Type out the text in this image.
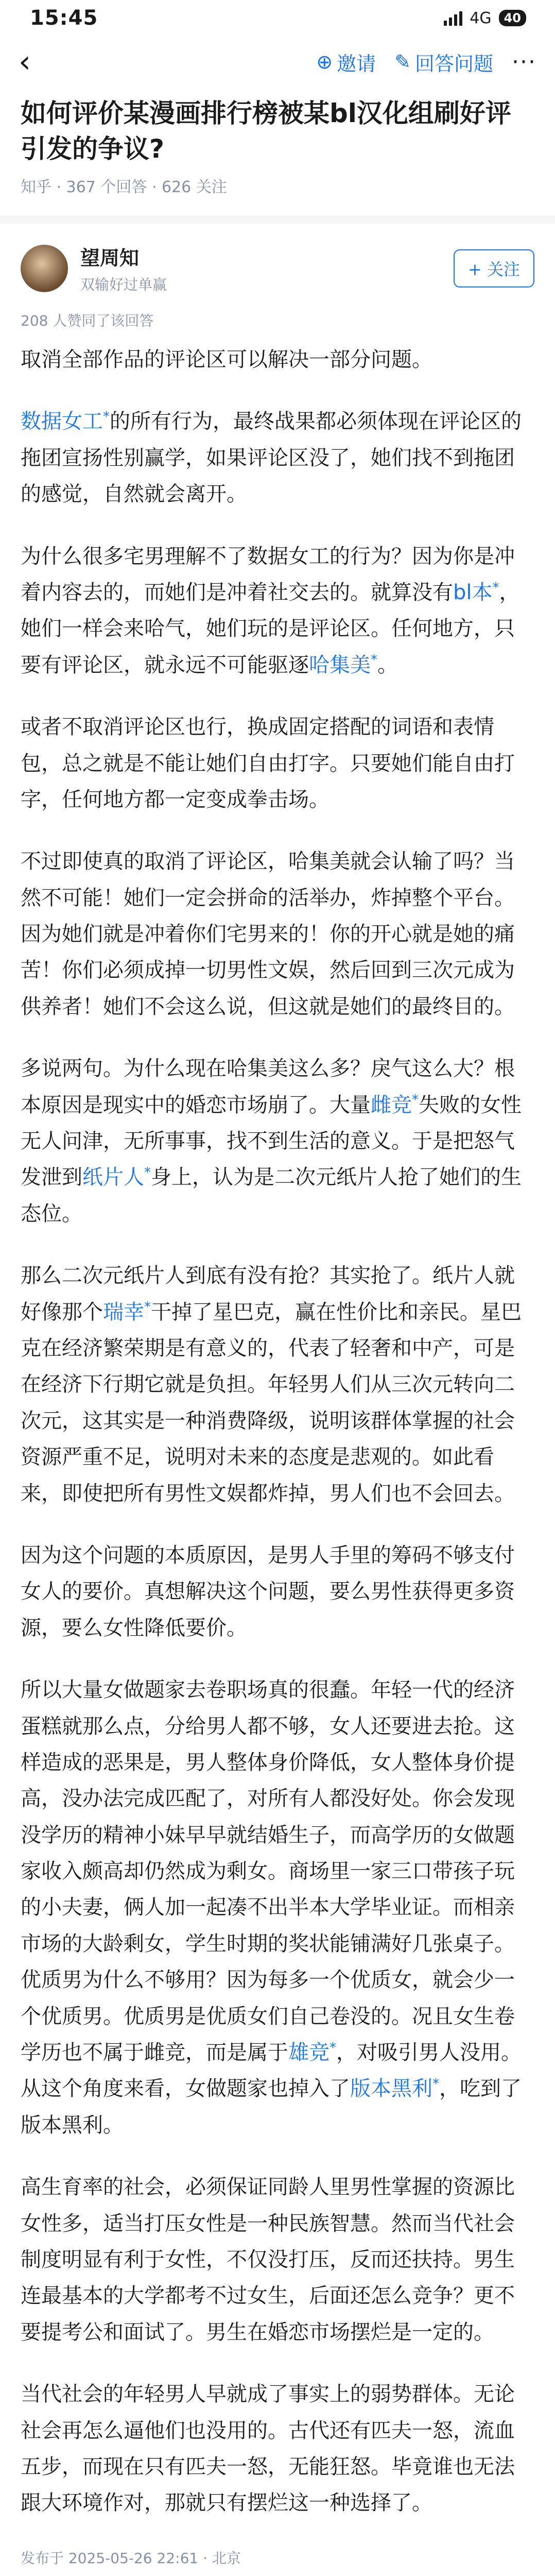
15:45	4G	40
‹	⊕ 邀请 ✎ 回答问题 ···
如何评价某漫画排行榜被某bl汉化组刷好评引发的争议?
知乎 · 367 个回答 · 626 关注
望周知
双输好过单赢
+ 关注
208 人赞同了该回答

取消全部作品的评论区可以解决一部分问题。

数据女工 * 的所有行为，最终战果都必须体现在评论区的拖团宣扬性别赢学，如果评论区没了，她们找不到拖团的感觉，自然就会离开。

为什么很多宅男理解不了数据女工的行为？因为你是冲着内容去的，而她们是冲着社交去的。就算没有bl本 * ，她们一样会来哈气，她们玩的是评论区。任何地方，只要有评论区，就永远不可能驱逐哈集美 * 。

或者不取消评论区也行，换成固定搭配的词语和表情包，总之就是不能让她们自由打字。只要她们能自由打字，任何地方都一定变成拳击场。

不过即使真的取消了评论区，哈集美就会认输了吗？当然不可能！她们一定会拼命的活举办，炸掉整个平台。因为她们就是冲着你们宅男来的！你的开心就是她的痛苦！你们必须成掉一切男性文娱，然后回到三次元成为供养者！她们不会这么说，但这就是她们的最终目的。

多说两句。为什么现在哈集美这么多？戾气这么大？根本原因是现实中的婚恋市场崩了。大量雌竞 * 失败的女性无人问津，无所事事，找不到生活的意义。于是把怒气发泄到纸片人 * 身上，认为是二次元纸片人抢了她们的生态位。

那么二次元纸片人到底有没有抢？其实抢了。纸片人就好像那个瑞幸 * 干掉了星巴克，赢在性价比和亲民。星巴克在经济繁荣期是有意义的，代表了轻奢和中产，可是在经济下行期它就是负担。年轻男人们从三次元转向二次元，这其实是一种消费降级，说明该群体掌握的社会资源严重不足，说明对未来的态度是悲观的。如此看来，即使把所有男性文娱都炸掉，男人们也不会回去。

因为这个问题的本质原因，是男人手里的筹码不够支付女人的要价。真想解决这个问题，要么男性获得更多资源，要么女性降低要价。

所以大量女做题家去卷职场真的很蠢。年轻一代的经济蛋糕就那么点，分给男人都不够，女人还要进去抢。这样造成的恶果是，男人整体身价降低，女人整体身价提高，没办法完成匹配了，对所有人都没好处。你会发现没学历的精神小妹早早就结婚生子，而高学历的女做题家收入颇高却仍然成为剩女。商场里一家三口带孩子玩的小夫妻，俩人加一起凑不出半本大学毕业证。而相亲市场的大龄剩女，学生时期的奖状能铺满好几张桌子。优质男为什么不够用？因为每多一个优质女，就会少一个优质男。优质男是优质女们自己卷没的。况且女生卷学历也不属于雌竞，而是属于雄竞 * ，对吸引男人没用。从这个角度来看，女做题家也掉入了版本黑利 * ，吃到了版本黑利。

高生育率的社会，必须保证同龄人里男性掌握的资源比女性多，适当打压女性是一种民族智慧。然而当代社会制度明显有利于女性，不仅没打压，反而还扶持。男生连最基本的大学都考不过女生，后面还怎么竞争？更不要提考公和面试了。男生在婚恋市场摆烂是一定的。

当代社会的年轻男人早就成了事实上的弱势群体。无论社会再怎么逼他们也没用的。古代还有匹夫一怒，流血五步，而现在只有匹夫一怒，无能狂怒。毕竟谁也无法跟大环境作对，那就只有摆烂这一种选择了。

发布于 2025-05-26 22:61 · 北京
